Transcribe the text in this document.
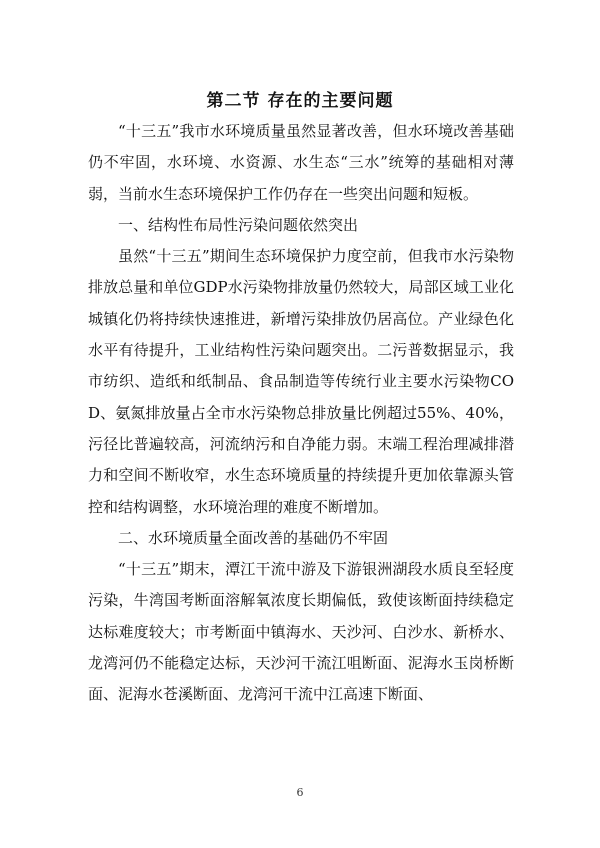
第二节 存在的主要问题

“十三五”我市水环境质量虽然显著改善，但水环境改善基础仍不牢固，水环境、水资源、水生态“三水”统筹的基础相对薄弱，当前水生态环境保护工作仍存在一些突出问题和短板。

一、结构性布局性污染问题依然突出

虽然“十三五”期间生态环境保护力度空前，但我市水污染物排放总量和单位GDP水污染物排放量仍然较大，局部区域工业化城镇化仍将持续快速推进，新增污染排放仍居高位。产业绿色化水平有待提升，工业结构性污染问题突出。二污普数据显示，我市纺织、造纸和纸制品、食品制造等传统行业主要水污染物COD、氨氮排放量占全市水污染物总排放量比例超过55%、40%，污径比普遍较高，河流纳污和自净能力弱。末端工程治理减排潜力和空间不断收窄，水生态环境质量的持续提升更加依靠源头管控和结构调整，水环境治理的难度不断增加。

二、水环境质量全面改善的基础仍不牢固

“十三五”期末，潭江干流中游及下游银洲湖段水质良至轻度污染，牛湾国考断面溶解氧浓度长期偏低，致使该断面持续稳定达标难度较大；市考断面中镇海水、天沙河、白沙水、新桥水、龙湾河仍不能稳定达标，天沙河干流江咀断面、泥海水玉岗桥断面、泥海水苍溪断面、龙湾河干流中江高速下断面、

6
